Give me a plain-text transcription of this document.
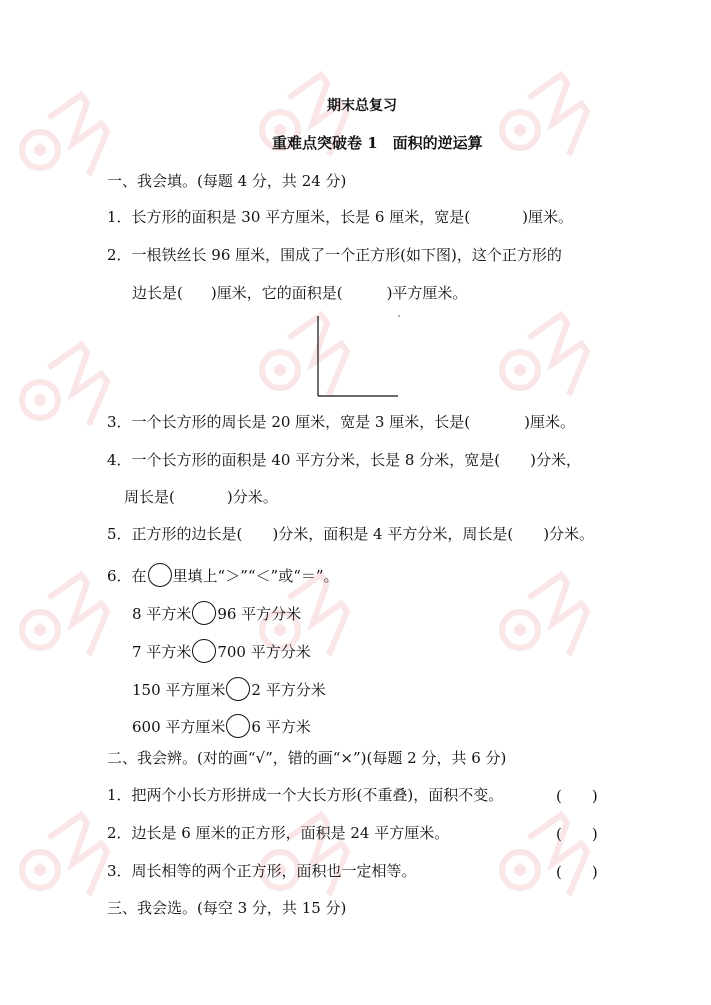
期末总复习
重难点突破卷 1　面积的逆运算
一、我会填。(每题 4 分，共 24 分)
1．长方形的面积是 30 平方厘米，长是 6 厘米，宽是(	)厘米。
2．一根铁丝长 96 厘米，围成了一个正方形(如下图)，这个正方形的
边长是( )厘米，它的面积是(	)平方厘米。
3．一个长方形的周长是 20 厘米，宽是 3 厘米，长是(	)厘米。
4．一个长方形的面积是 40 平方分米，长是 8 分米，宽是( )分米，
周长是(	)分米。
5．正方形的边长是( )分米，面积是 4 平方分米，周长是( )分米。
6．在 里填上“＞”“＜”或“＝”。
8 平方米 96 平方分米
7 平方米 700 平方分米
150 平方厘米 2 平方分米
600 平方厘米 6 平方米
二、我会辨。(对的画“√”，错的画“×”)(每题 2 分，共 6 分)
1．把两个小长方形拼成一个大长方形(不重叠)，面积不变。	(　　)
2．边长是 6 厘米的正方形，面积是 24 平方厘米。	(　　)
3．周长相等的两个正方形，面积也一定相等。	(　　)
三、我会选。(每空 3 分，共 15 分)
